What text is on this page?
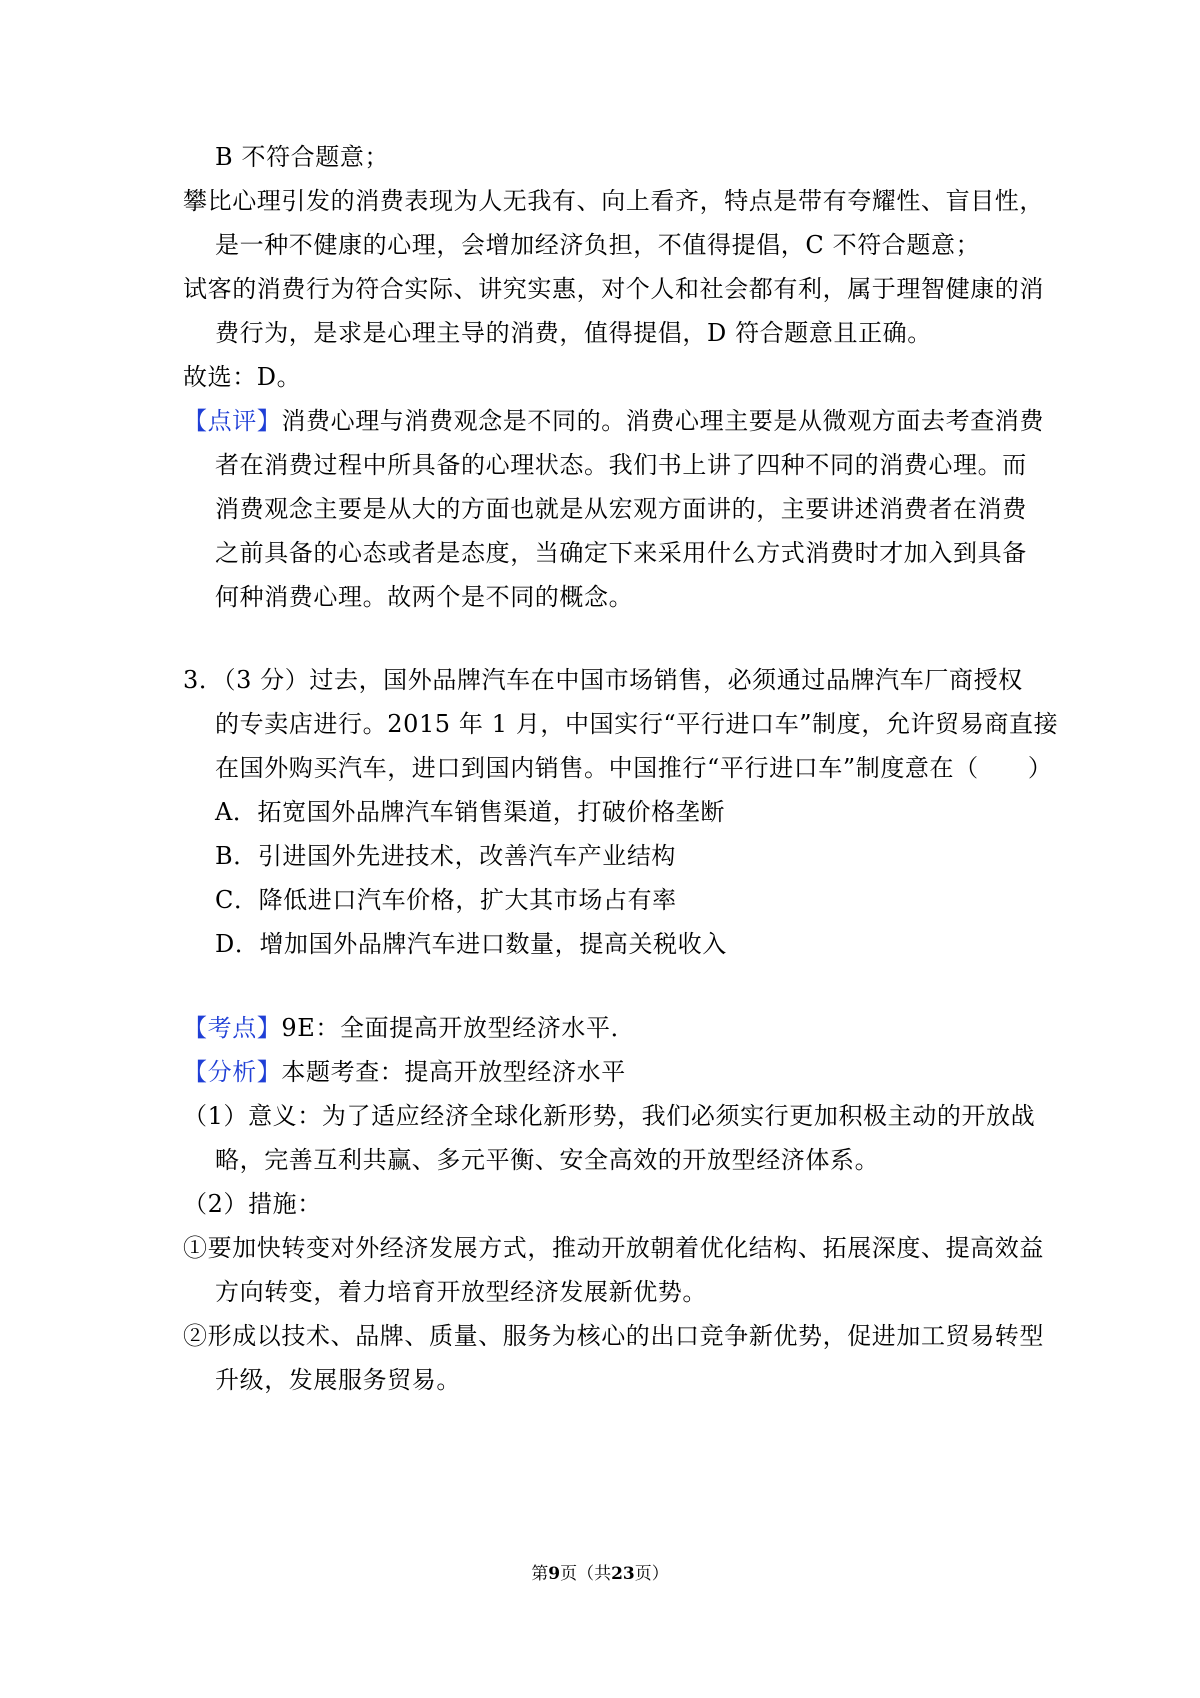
B 不符合题意；
攀比心理引发的消费表现为人无我有、向上看齐，特点是带有夸耀性、盲目性，
是一种不健康的心理，会增加经济负担，不值得提倡，C 不符合题意；
试客的消费行为符合实际、讲究实惠，对个人和社会都有利，属于理智健康的消
费行为，是求是心理主导的消费，值得提倡，D 符合题意且正确。
故选：D。
【点评】消费心理与消费观念是不同的。消费心理主要是从微观方面去考查消费
者在消费过程中所具备的心理状态。我们书上讲了四种不同的消费心理。而
消费观念主要是从大的方面也就是从宏观方面讲的，主要讲述消费者在消费
之前具备的心态或者是态度，当确定下来采用什么方式消费时才加入到具备
何种消费心理。故两个是不同的概念。
3．（3 分）过去，国外品牌汽车在中国市场销售，必须通过品牌汽车厂商授权
的专卖店进行。2015 年 1 月，中国实行“平行进口车”制度，允许贸易商直接
在国外购买汽车，进口到国内销售。中国推行“平行进口车”制度意在（　　）
A．拓宽国外品牌汽车销售渠道，打破价格垄断
B．引进国外先进技术，改善汽车产业结构
C．降低进口汽车价格，扩大其市场占有率
D．增加国外品牌汽车进口数量，提高关税收入
【考点】9E：全面提高开放型经济水平．
【分析】本题考查：提高开放型经济水平
（1）意义：为了适应经济全球化新形势，我们必须实行更加积极主动的开放战
略，完善互利共赢、多元平衡、安全高效的开放型经济体系。
（2）措施：
①要加快转变对外经济发展方式，推动开放朝着优化结构、拓展深度、提高效益
方向转变，着力培育开放型经济发展新优势。
②形成以技术、品牌、质量、服务为核心的出口竞争新优势，促进加工贸易转型
升级，发展服务贸易。
第9页（共23页）
